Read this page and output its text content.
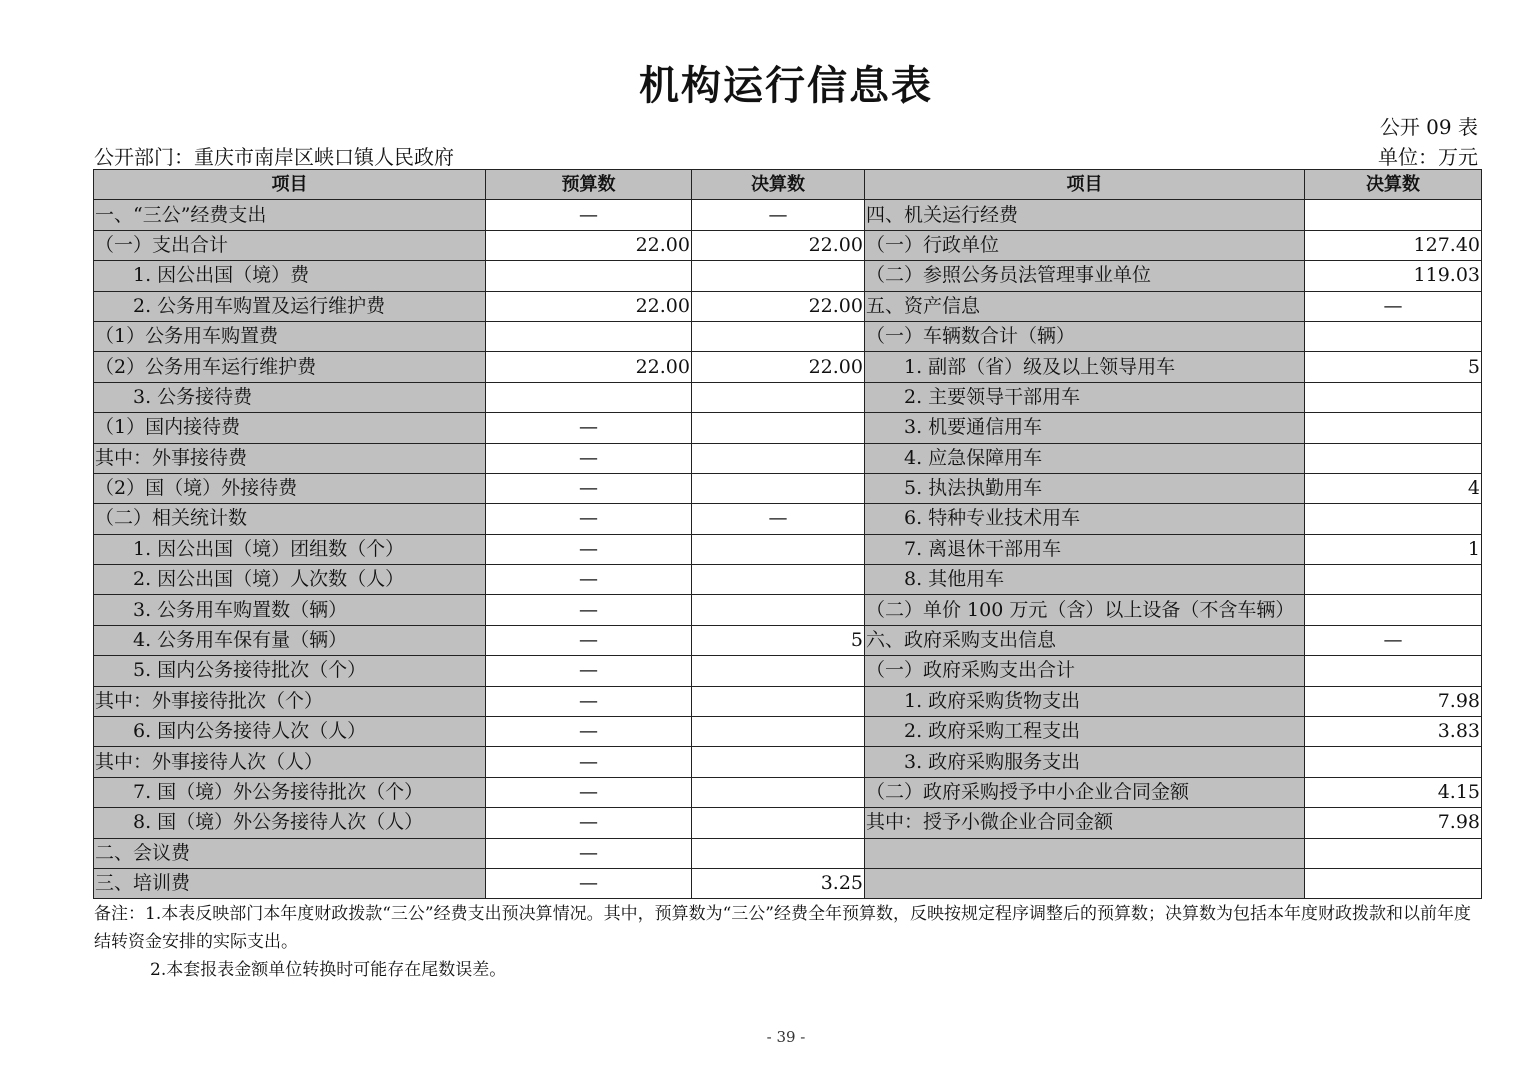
机构运行信息表
公开 09 表
公开部门：重庆市南岸区峡口镇人民政府	单位：万元
项目	预算数	决算数	项目	决算数
一、“三公”经费支出	—	—	四、机关运行经费	
（一）支出合计	22.00	22.00	（一）行政单位	127.40
　　1. 因公出国（境）费			（二）参照公务员法管理事业单位	119.03
　　2. 公务用车购置及运行维护费	22.00	22.00	五、资产信息	—
（1）公务用车购置费			（一）车辆数合计（辆）	
（2）公务用车运行维护费	22.00	22.00	　　1. 副部（省）级及以上领导用车	5
　　3. 公务接待费			　　2. 主要领导干部用车	
（1）国内接待费	—		　　3. 机要通信用车	
其中：外事接待费	—		　　4. 应急保障用车	
（2）国（境）外接待费	—		　　5. 执法执勤用车	4
（二）相关统计数	—	—	　　6. 特种专业技术用车	
　　1. 因公出国（境）团组数（个）	—		　　7. 离退休干部用车	1
　　2. 因公出国（境）人次数（人）	—		　　8. 其他用车	
　　3. 公务用车购置数（辆）	—		（二）单价 100 万元（含）以上设备（不含车辆）	
　　4. 公务用车保有量（辆）	—	5	六、政府采购支出信息	—
　　5. 国内公务接待批次（个）	—		（一）政府采购支出合计	
其中：外事接待批次（个）	—		　　1. 政府采购货物支出	7.98
　　6. 国内公务接待人次（人）	—		　　2. 政府采购工程支出	3.83
其中：外事接待人次（人）	—		　　3. 政府采购服务支出	
　　7. 国（境）外公务接待批次（个）	—		（二）政府采购授予中小企业合同金额	4.15
　　8. 国（境）外公务接待人次（人）	—		其中：授予小微企业合同金额	7.98
二、会议费	—			
三、培训费	—	3.25		
备注：1.本表反映部门本年度财政拨款“三公”经费支出预决算情况。其中，预算数为“三公”经费全年预算数，反映按规定程序调整后的预算数；决算数为包括本年度财政拨款和以前年度结转资金安排的实际支出。
2.本套报表金额单位转换时可能存在尾数误差。
- 39 -
